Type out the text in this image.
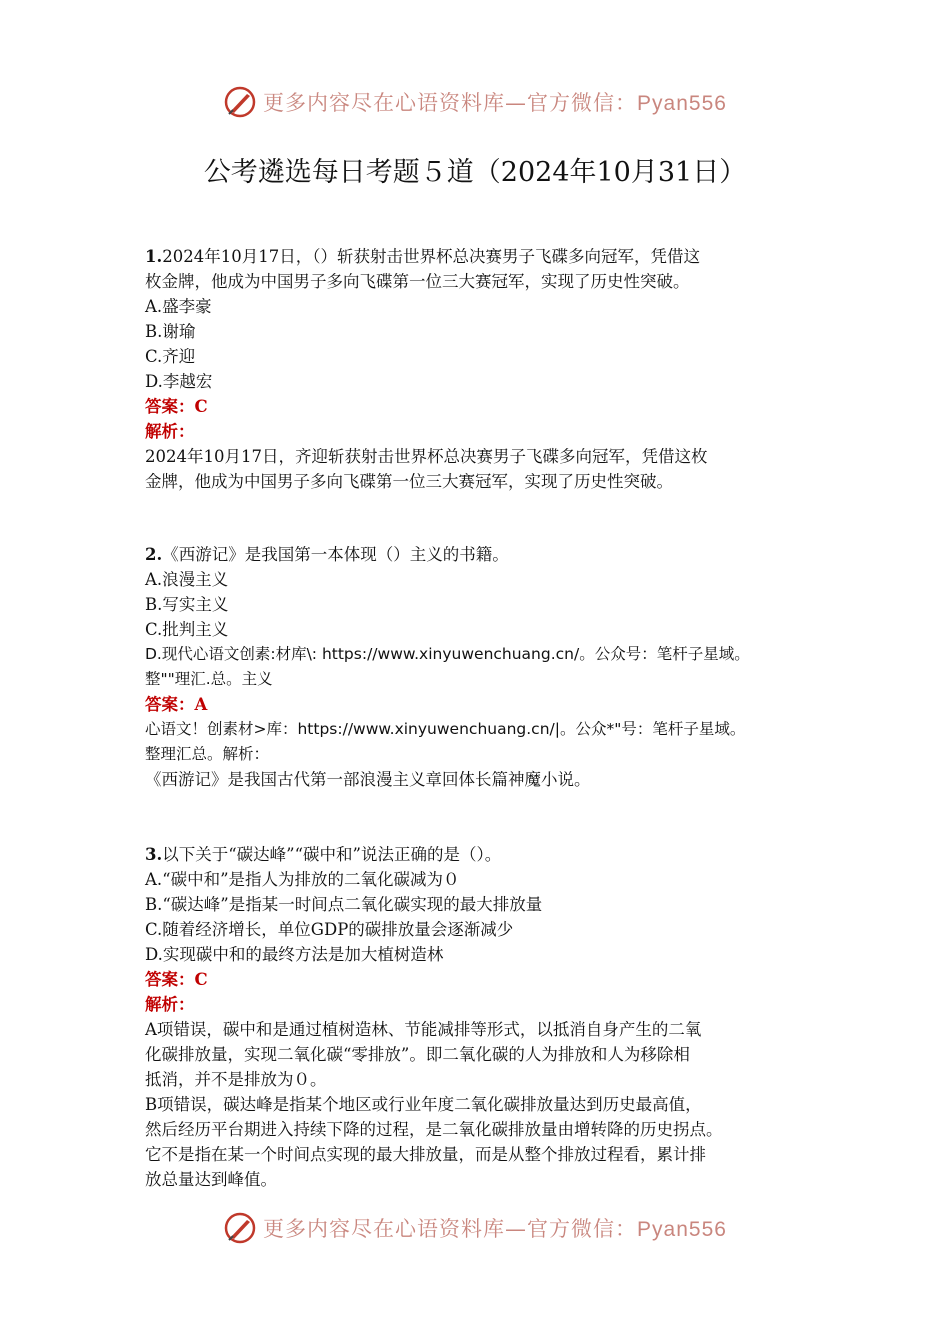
更多内容尽在心语资料库—官方微信：Pyan556
公考遴选每日考题５道（2024年10月31日）

1.2024年10月17日，（）斩获射击世界杯总决赛男子飞碟多向冠军，凭借这

枚金牌，他成为中国男子多向飞碟第一位三大赛冠军，实现了历史性突破。

A.盛李豪

B.谢瑜

C.齐迎

D.李越宏

答案：C

解析：

2024年10月17日，齐迎斩获射击世界杯总决赛男子飞碟多向冠军，凭借这枚

金牌，他成为中国男子多向飞碟第一位三大赛冠军，实现了历史性突破。

2.《西游记》是我国第一本体现（）主义的书籍。

A.浪漫主义

B.写实主义

C.批判主义

D.现代心语文创素:材库\: https://www.xinyuwenchuang.cn/。公众号：笔杆子星域。

整""理汇.总。主义

答案：A

心语文！创素材>库：https://www.xinyuwenchuang.cn/|。公众*"号：笔杆子星域。

整理汇总。解析：

《西游记》是我国古代第一部浪漫主义章回体长篇神魔小说。

3.以下关于“碳达峰”“碳中和”说法正确的是（）。

A.“碳中和”是指人为排放的二氧化碳减为０

B.“碳达峰”是指某一时间点二氧化碳实现的最大排放量

C.随着经济增长，单位GDP的碳排放量会逐渐减少

D.实现碳中和的最终方法是加大植树造林

答案：C

解析：

A项错误，碳中和是通过植树造林、节能减排等形式，以抵消自身产生的二氧

化碳排放量，实现二氧化碳“零排放”。即二氧化碳的人为排放和人为移除相

抵消，并不是排放为０。

B项错误，碳达峰是指某个地区或行业年度二氧化碳排放量达到历史最高值，

然后经历平台期进入持续下降的过程，是二氧化碳排放量由增转降的历史拐点。

它不是指在某一个时间点实现的最大排放量，而是从整个排放过程看，累计排

放总量达到峰值。

更多内容尽在心语资料库—官方微信：Pyan556
